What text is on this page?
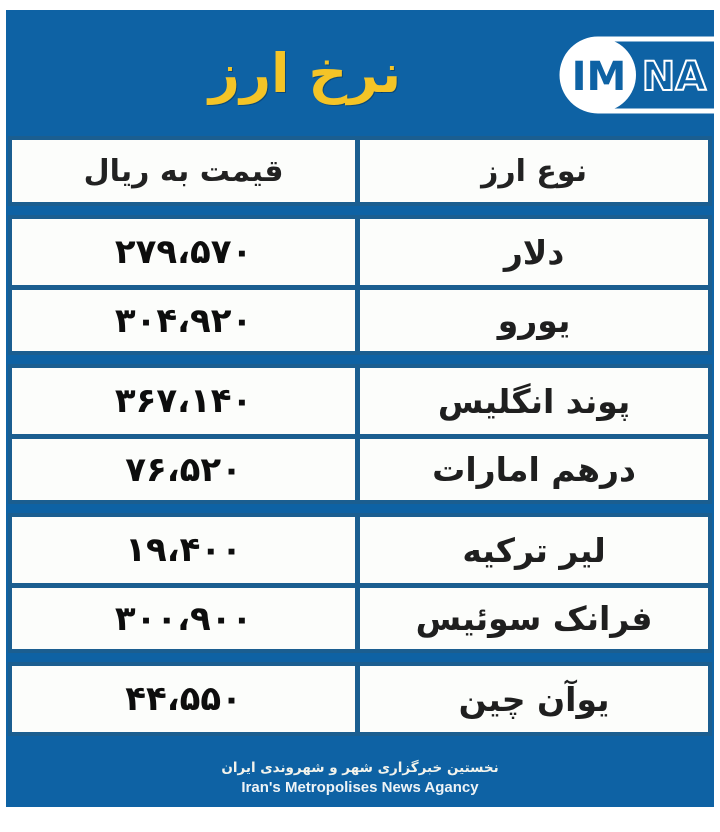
نرخ ارز	IM NA
قیمت به ریال	نوع ارز
۲۷۹،۵۷۰	دلار
۳۰۴،۹۲۰	یورو
۳۶۷،۱۴۰	پوند انگلیس
۷۶،۵۲۰	درهم امارات
۱۹،۴۰۰	لیر ترکیه
۳۰۰،۹۰۰	فرانک سوئیس
۴۴،۵۵۰	یوآن چین
نخستین خبرگزاری شهر و شهروندی ایران
Iran's Metropolises News Agancy
